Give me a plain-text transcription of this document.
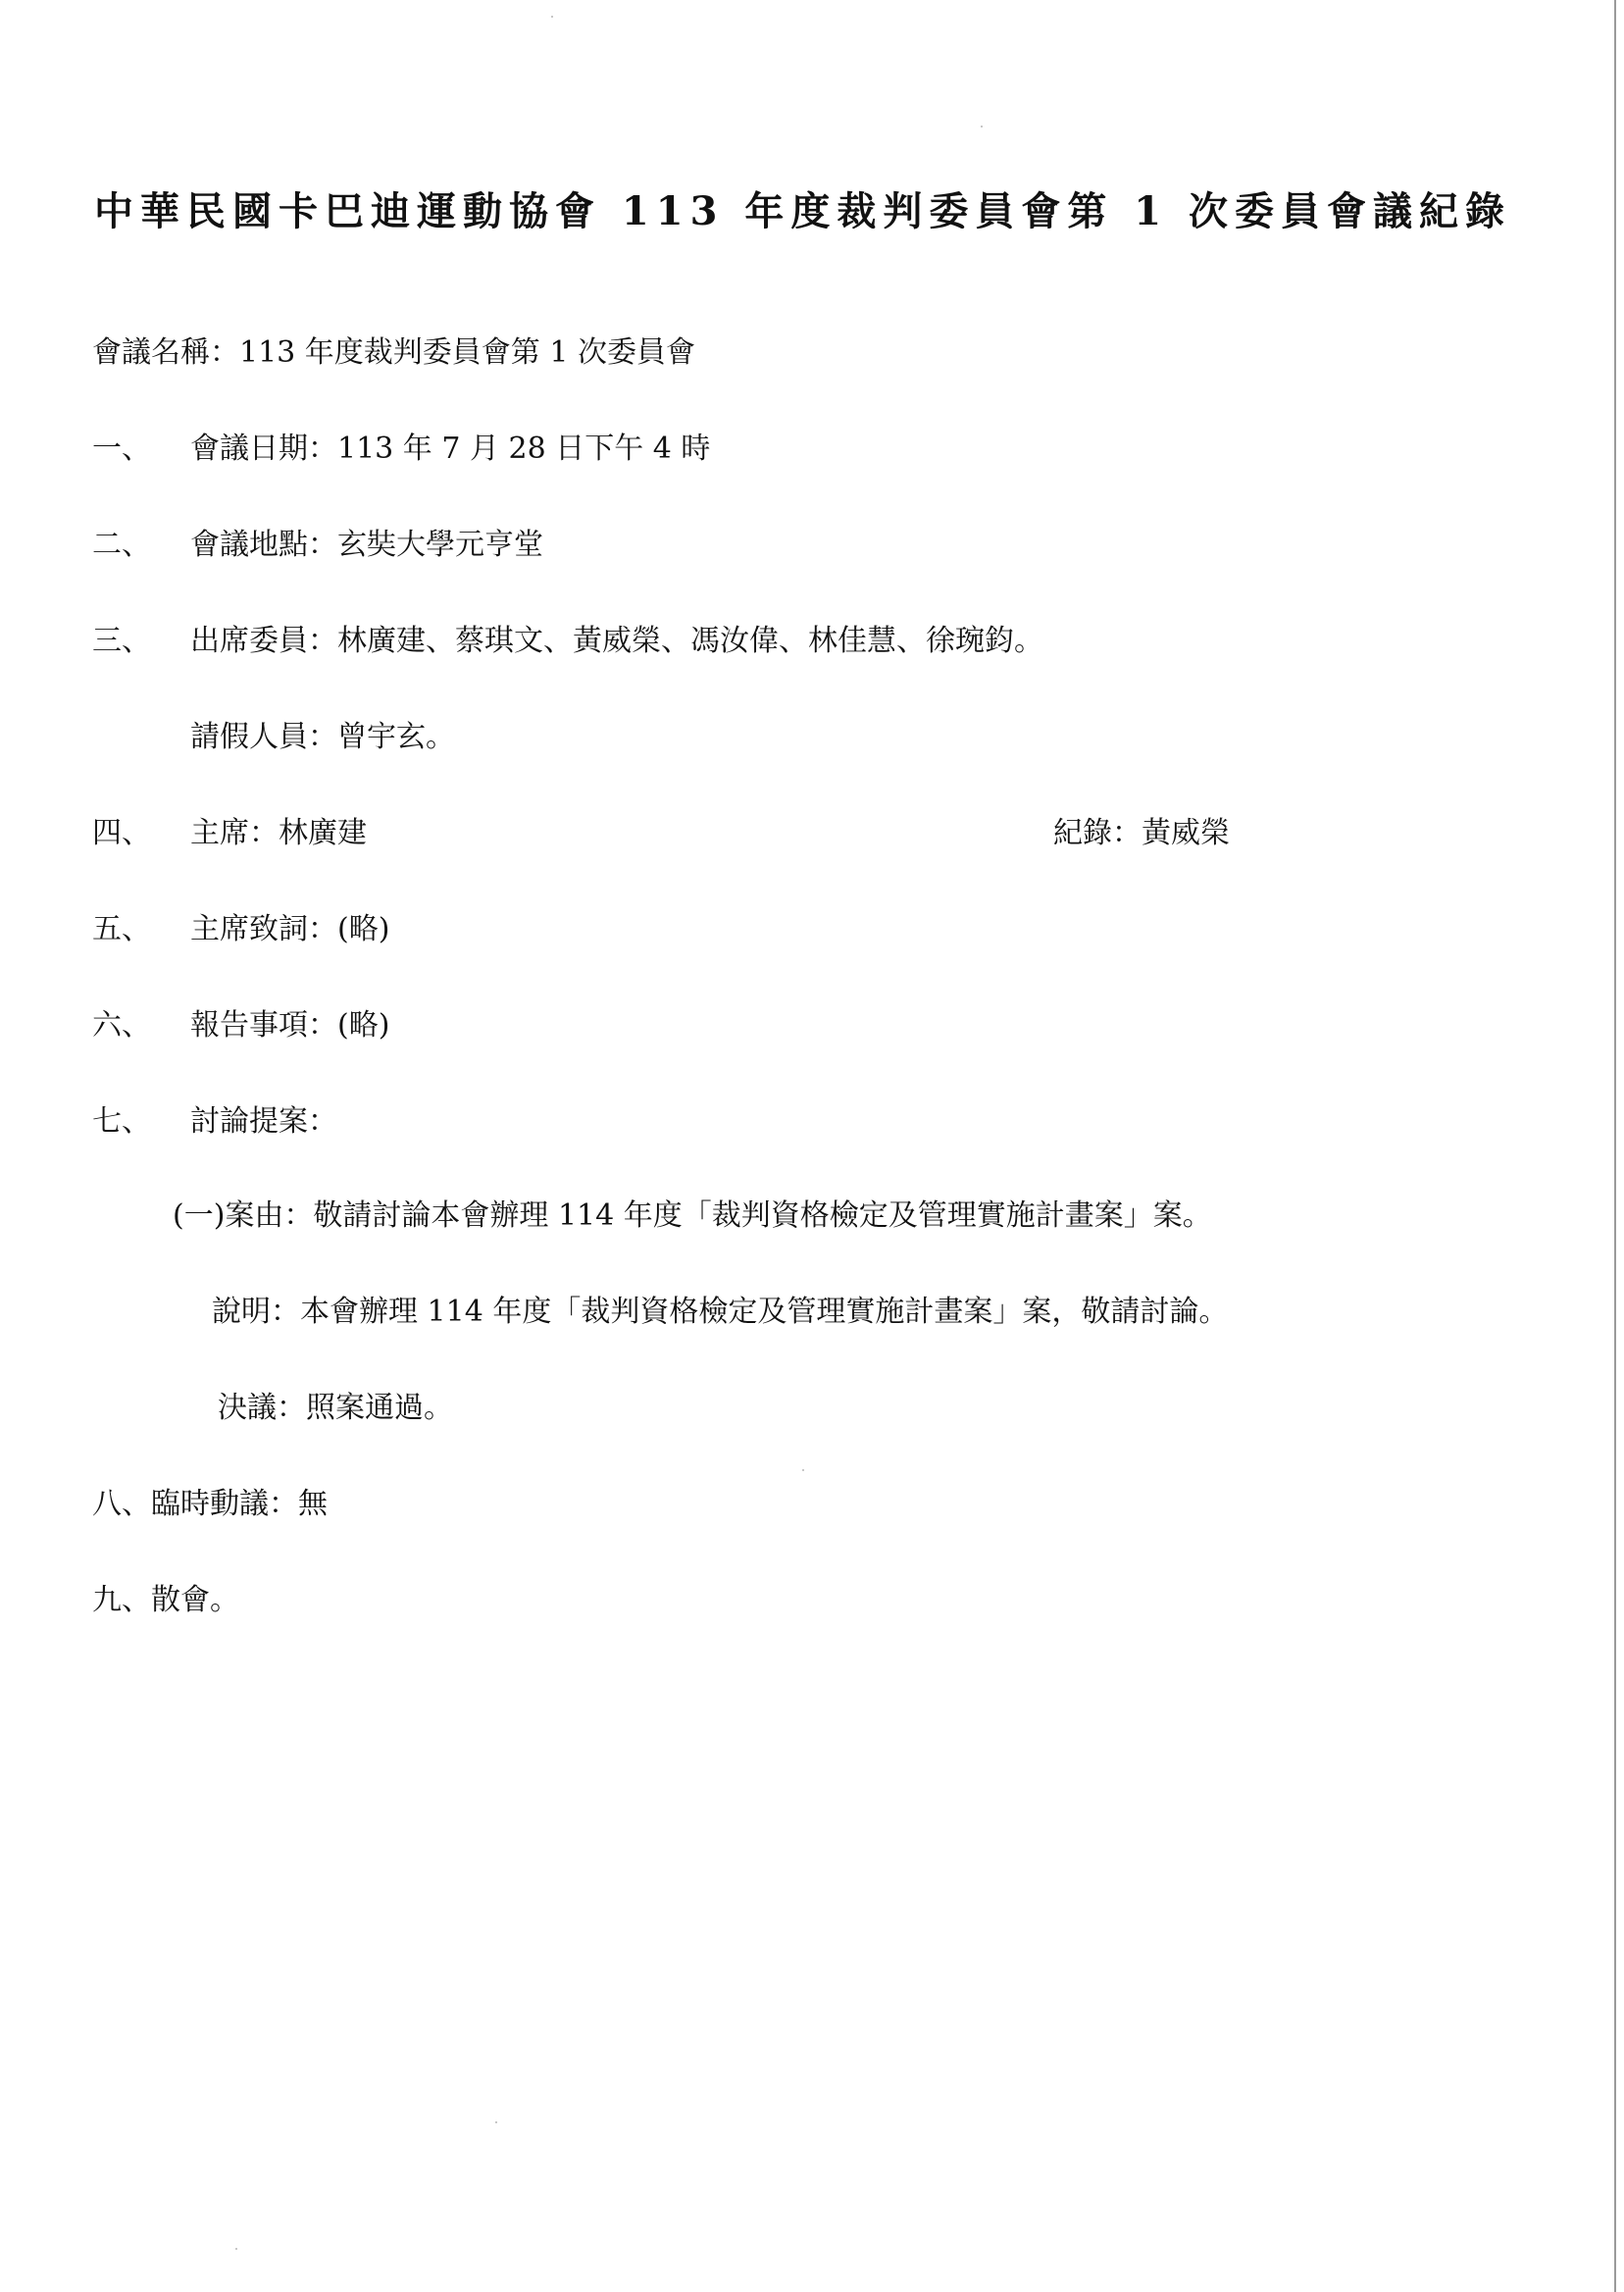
中華民國卡巴迪運動協會 113 年度裁判委員會第 1 次委員會議紀錄
會議名稱：113 年度裁判委員會第 1 次委員會
一、 會議日期：113 年 7 月 28 日下午 4 時
二、 會議地點：玄奘大學元亨堂
三、 出席委員：林廣建、蔡琪文、黃威榮、馮汝偉、林佳慧、徐琬鈞。
請假人員：曾宇玄。
四、 主席：林廣建	紀錄：黃威榮
五、 主席致詞：(略)
六、 報告事項：(略)
七、 討論提案：
(一)案由：敬請討論本會辦理 114 年度「裁判資格檢定及管理實施計畫案」案。
說明：本會辦理 114 年度「裁判資格檢定及管理實施計畫案」案，敬請討論。
決議：照案通過。
八、臨時動議：無
九、散會。
